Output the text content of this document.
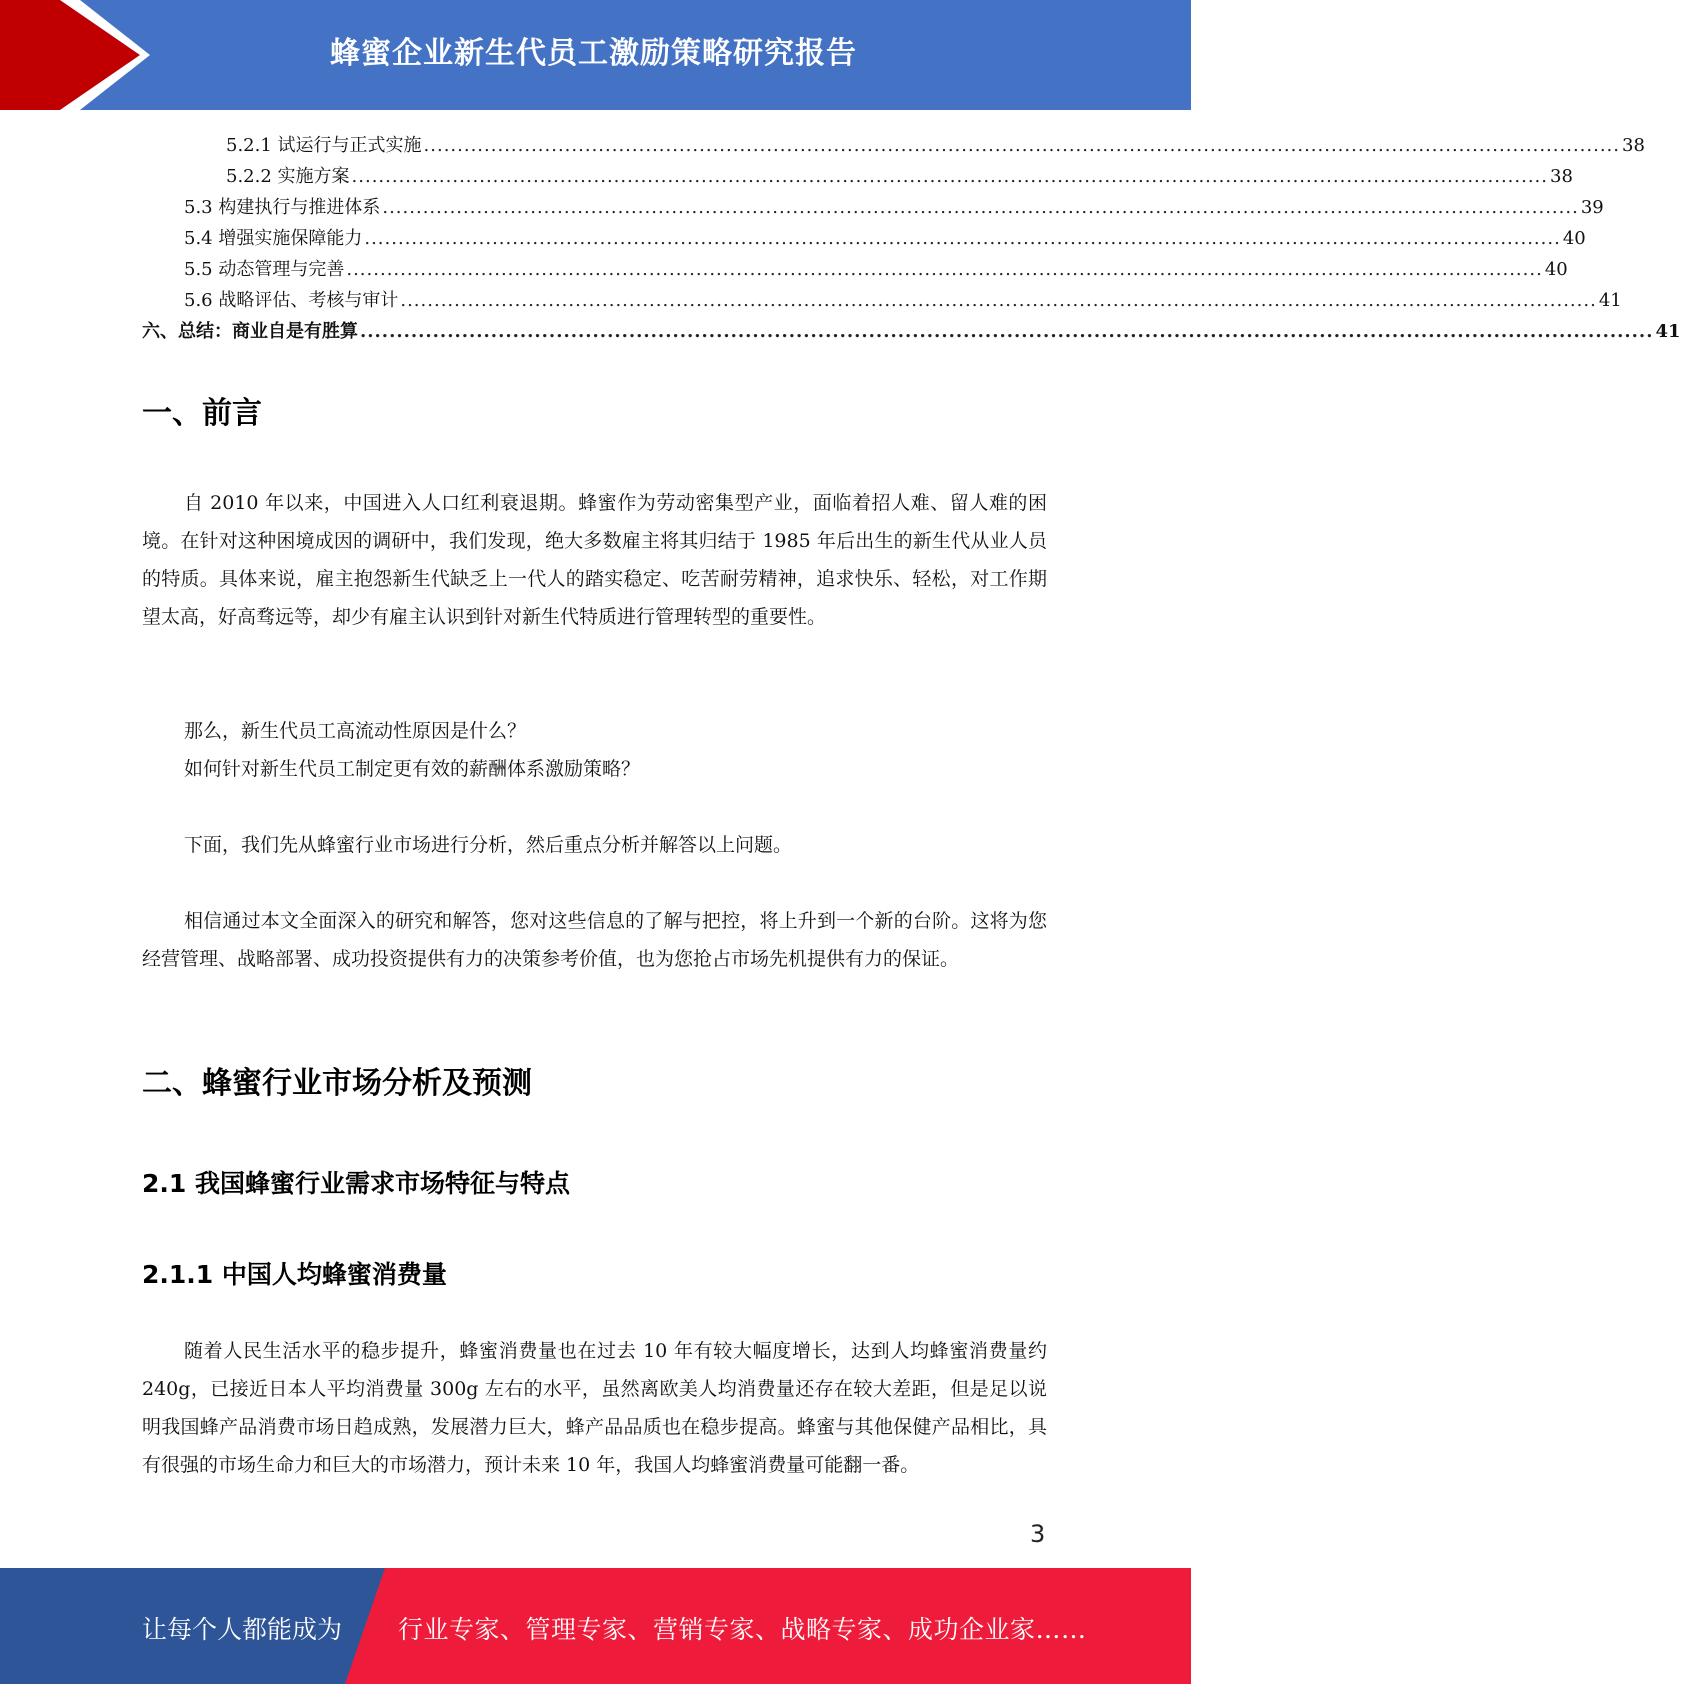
蜂蜜企业新生代员工激励策略研究报告
5.2.1 试运行与正式实施 .................................................................................................................................................................................. 38
5.2.2 实施方案 .................................................................................................................................................................................. 38
5.3 构建执行与推进体系 .................................................................................................................................................................................. 39
5.4 增强实施保障能力 .................................................................................................................................................................................. 40
5.5 动态管理与完善 .................................................................................................................................................................................. 40
5.6 战略评估、考核与审计 .................................................................................................................................................................................. 41
六、总结：商业自是有胜算 .................................................................................................................................................................................. 41
一、前言

自 2010 年以来，中国进入人口红利衰退期。蜂蜜作为劳动密集型产业，面临着招人难、留人难的困境。在针对这种困境成因的调研中，我们发现，绝大多数雇主将其归结于 1985 年后出生的新生代从业人员的特质。具体来说，雇主抱怨新生代缺乏上一代人的踏实稳定、吃苦耐劳精神，追求快乐、轻松，对工作期望太高，好高骛远等，却少有雇主认识到针对新生代特质进行管理转型的重要性。

那么，新生代员工高流动性原因是什么？

如何针对新生代员工制定更有效的薪酬体系激励策略？

下面，我们先从蜂蜜行业市场进行分析，然后重点分析并解答以上问题。

相信通过本文全面深入的研究和解答，您对这些信息的了解与把控，将上升到一个新的台阶。这将为您经营管理、战略部署、成功投资提供有力的决策参考价值，也为您抢占市场先机提供有力的保证。

二、蜂蜜行业市场分析及预测
2.1 我国蜂蜜行业需求市场特征与特点
2.1.1 中国人均蜂蜜消费量

随着人民生活水平的稳步提升，蜂蜜消费量也在过去 10 年有较大幅度增长，达到人均蜂蜜消费量约 240g，已接近日本人平均消费量 300g 左右的水平，虽然离欧美人均消费量还存在较大差距，但是足以说明我国蜂产品消费市场日趋成熟，发展潜力巨大，蜂产品品质也在稳步提高。蜂蜜与其他保健产品相比，具有很强的市场生命力和巨大的市场潜力，预计未来 10 年，我国人均蜂蜜消费量可能翻一番。

3
让每个人都能成为 行业专家、管理专家、营销专家、战略专家、成功企业家……
